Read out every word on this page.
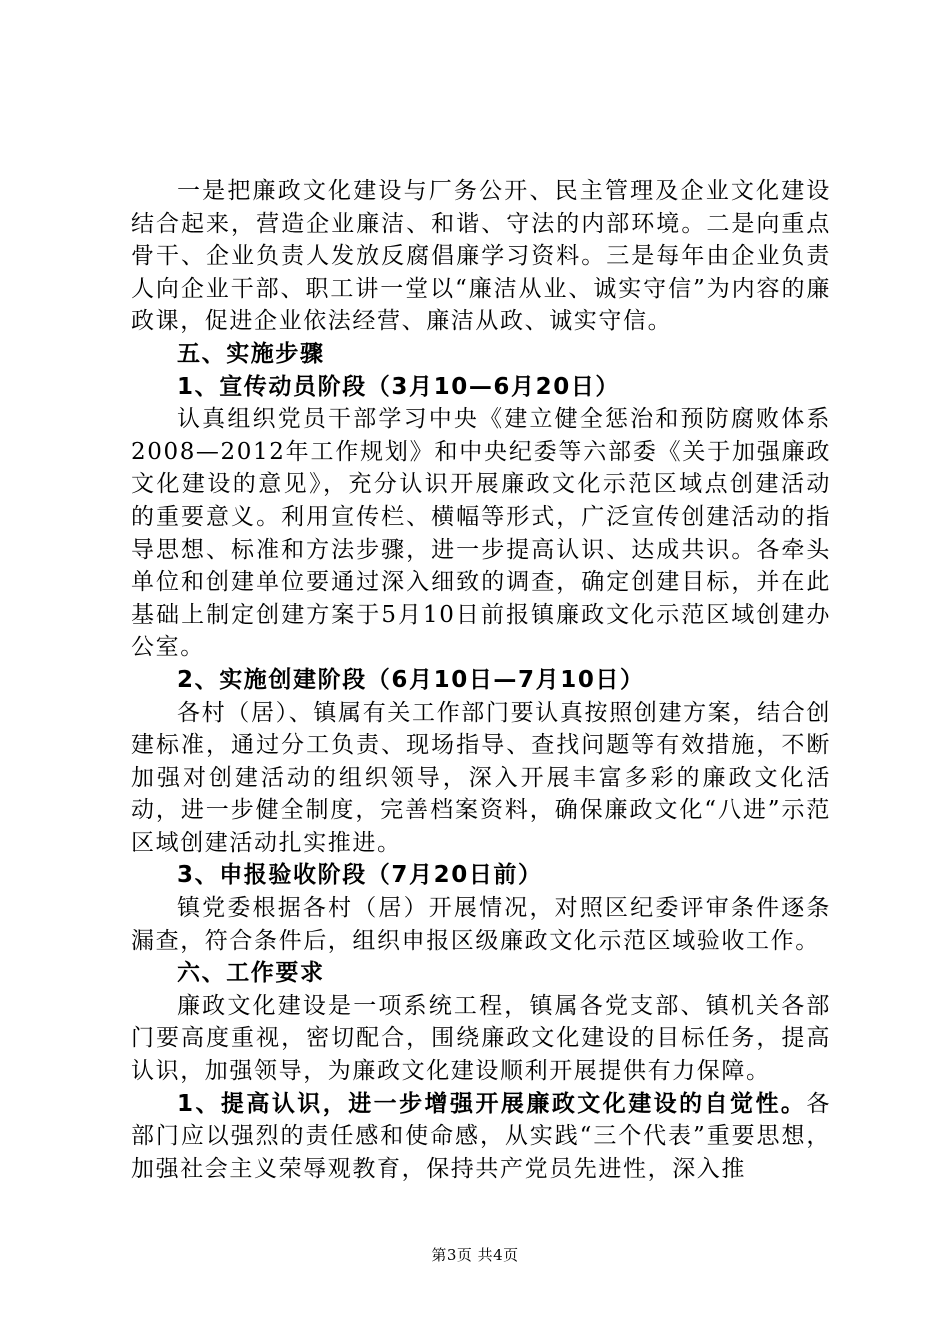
一是把廉政文化建设与厂务公开、民主管理及企业文化建设结合起来，营造企业廉洁、和谐、守法的内部环境。二是向重点骨干、企业负责人发放反腐倡廉学习资料。三是每年由企业负责人向企业干部、职工讲一堂以“廉洁从业、诚实守信”为内容的廉政课，促进企业依法经营、廉洁从政、诚实守信。

五、实施步骤

1、宣传动员阶段（3月10—6月20日）

认真组织党员干部学习中央《建立健全惩治和预防腐败体系2008—2012年工作规划》和中央纪委等六部委《关于加强廉政文化建设的意见》，充分认识开展廉政文化示范区域点创建活动的重要意义。利用宣传栏、横幅等形式，广泛宣传创建活动的指导思想、标准和方法步骤，进一步提高认识、达成共识。各牵头单位和创建单位要通过深入细致的调查，确定创建目标，并在此基础上制定创建方案于5月10日前报镇廉政文化示范区域创建办公室。

2、实施创建阶段（6月10日—7月10日）

各村（居）、镇属有关工作部门要认真按照创建方案，结合创建标准，通过分工负责、现场指导、查找问题等有效措施，不断加强对创建活动的组织领导，深入开展丰富多彩的廉政文化活动，进一步健全制度，完善档案资料，确保廉政文化“八进”示范区域创建活动扎实推进。

3、申报验收阶段（7月20日前）

镇党委根据各村（居）开展情况，对照区纪委评审条件逐条漏查，符合条件后，组织申报区级廉政文化示范区域验收工作。

六、工作要求

廉政文化建设是一项系统工程，镇属各党支部、镇机关各部门要高度重视，密切配合，围绕廉政文化建设的目标任务，提高认识，加强领导，为廉政文化建设顺利开展提供有力保障。

1、提高认识，进一步增强开展廉政文化建设的自觉性。各部门应以强烈的责任感和使命感，从实践“三个代表”重要思想，加强社会主义荣辱观教育，保持共产党员先进性，深入推

第3页 共4页
